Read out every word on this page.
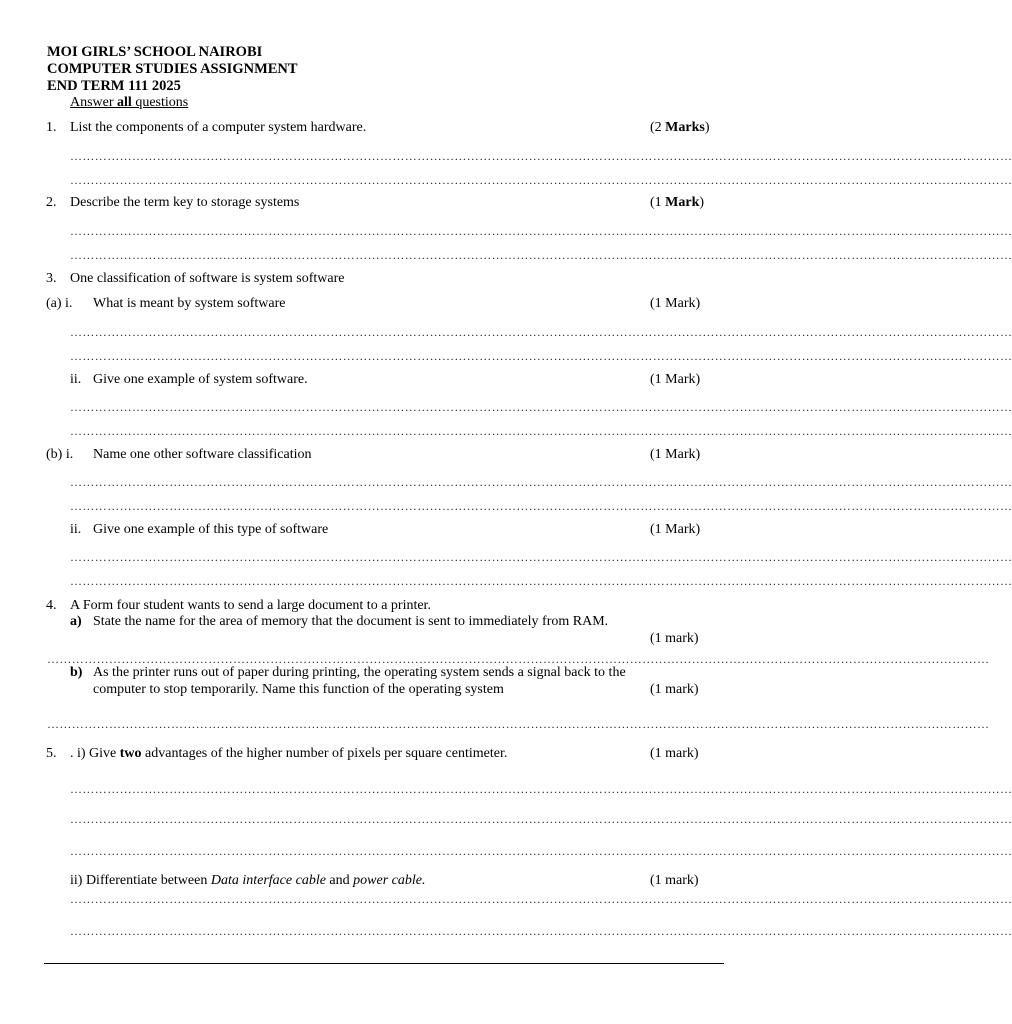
MOI GIRLS’ SCHOOL NAIROBI
COMPUTER STUDIES ASSIGNMENT
END TERM 111 2025
Answer all questions
1. List the components of a computer system hardware.	(2 Marks)
…………………………………………………………………………………………………………………………………………………………………………………………………………
…………………………………………………………………………………………………………………………………………………………………………………………………………
2. Describe the term key to storage systems	(1 Mark)
…………………………………………………………………………………………………………………………………………………………………………………………………………
…………………………………………………………………………………………………………………………………………………………………………………………………………
3. One classification of software is system software
(a) i. What is meant by system software	(1 Mark)
…………………………………………………………………………………………………………………………………………………………………………………………………………
…………………………………………………………………………………………………………………………………………………………………………………………………………
ii. Give one example of system software.	(1 Mark)
…………………………………………………………………………………………………………………………………………………………………………………………………………
…………………………………………………………………………………………………………………………………………………………………………………………………………
(b) i. Name one other software classification	(1 Mark)
…………………………………………………………………………………………………………………………………………………………………………………………………………
…………………………………………………………………………………………………………………………………………………………………………………………………………
ii. Give one example of this type of software	(1 Mark)
…………………………………………………………………………………………………………………………………………………………………………………………………………
…………………………………………………………………………………………………………………………………………………………………………………………………………
4. A Form four student wants to send a large document to a printer.
a) State the name for the area of memory that the document is sent to immediately from RAM.
(1 mark)
…………………………………………………………………………………………………………………………………………………………………………………………………………
b) As the printer runs out of paper during printing, the operating system sends a signal back to the
computer to stop temporarily. Name this function of the operating system	(1 mark)
…………………………………………………………………………………………………………………………………………………………………………………………………………
5. . i) Give two advantages of the higher number of pixels per square centimeter.	(1 mark)
…………………………………………………………………………………………………………………………………………………………………………………………………………
…………………………………………………………………………………………………………………………………………………………………………………………………………
…………………………………………………………………………………………………………………………………………………………………………………………………………
ii) Differentiate between Data interface cable and power cable.	(1 mark)
…………………………………………………………………………………………………………………………………………………………………………………………………………
…………………………………………………………………………………………………………………………………………………………………………………………………………
